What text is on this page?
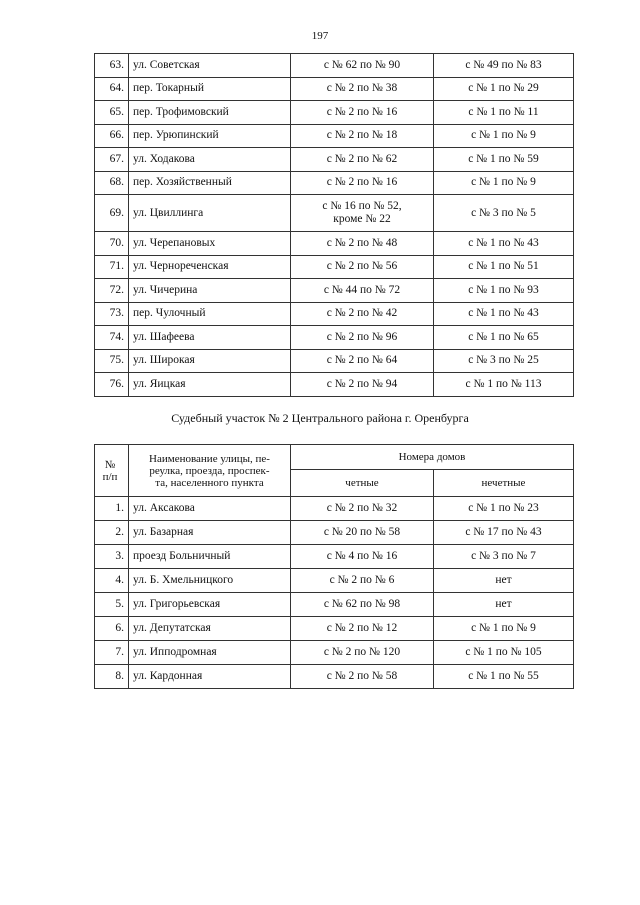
197
63.	ул. Советская	с № 62 по № 90	с № 49 по № 83
64.	пер. Токарный	с № 2 по № 38	с № 1 по № 29
65.	пер. Трофимовский	с № 2 по № 16	с № 1 по № 11
66.	пер. Урюпинский	с № 2 по № 18	с № 1 по № 9
67.	ул. Ходакова	с № 2 по № 62	с № 1 по № 59
68.	пер. Хозяйственный	с № 2 по № 16	с № 1 по № 9
69.	ул. Цвиллинга	с № 16 по № 52,
кроме № 22	с № 3 по № 5
70.	ул. Черепановых	с № 2 по № 48	с № 1 по № 43
71.	ул. Чернореченская	с № 2 по № 56	с № 1 по № 51
72.	ул. Чичерина	с № 44 по № 72	с № 1 по № 93
73.	пер. Чулочный	с № 2 по № 42	с № 1 по № 43
74.	ул. Шафеева	с № 2 по № 96	с № 1 по № 65
75.	ул. Широкая	с № 2 по № 64	с № 3 по № 25
76.	ул. Яицкая	с № 2 по № 94	с № 1 по № 113
Судебный участок № 2 Центрального района г. Оренбурга
№
п/п	Наименование улицы, пе-
реулка, проезда, проспек-
та, населенного пункта	Номера домов	
		четные	нечетные
1.	ул. Аксакова	с № 2 по № 32	с № 1 по № 23
2.	ул. Базарная	с № 20 по № 58	с № 17 по № 43
3.	проезд Больничный	с № 4 по № 16	с № 3 по № 7
4.	ул. Б. Хмельницкого	с № 2 по № 6	нет
5.	ул. Григорьевская	с № 62 по № 98	нет
6.	ул. Депутатская	с № 2 по № 12	с № 1 по № 9
7.	ул. Ипподромная	с № 2 по № 120	с № 1 по № 105
8.	ул. Кардонная	с № 2 по № 58	с № 1 по № 55
